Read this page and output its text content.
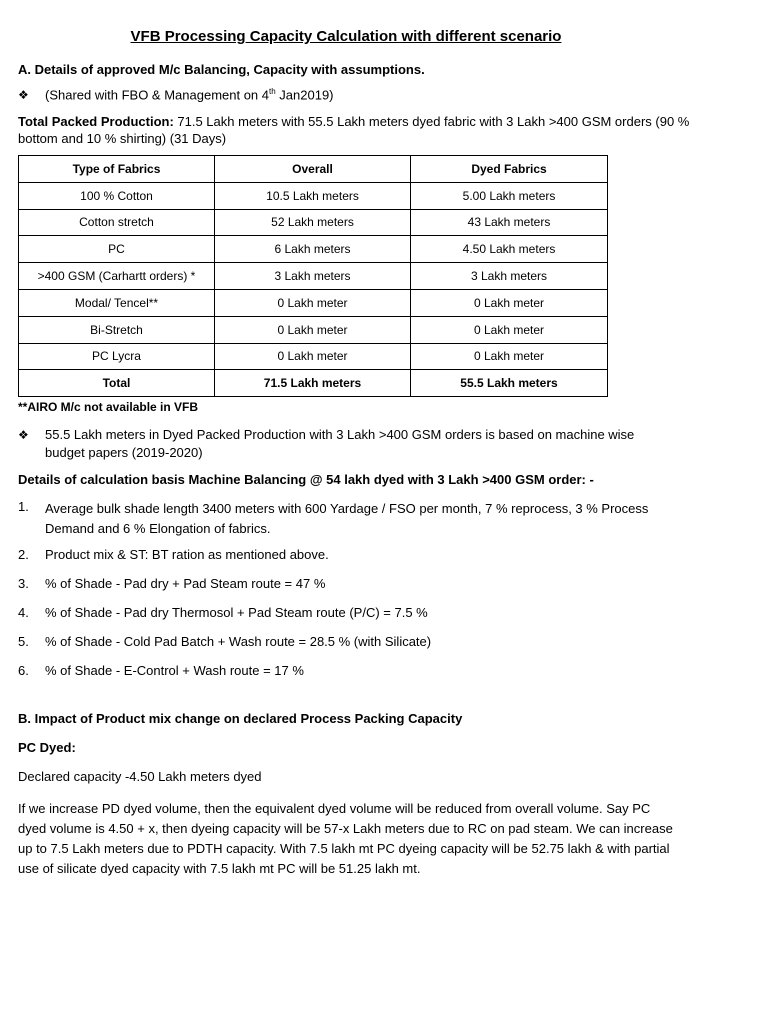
VFB Processing Capacity Calculation with different scenario
A. Details of approved M/c Balancing, Capacity with assumptions.
❖ (Shared with FBO & Management on 4th Jan2019)
Total Packed Production: 71.5 Lakh meters with 55.5 Lakh meters dyed fabric with 3 Lakh >400 GSM orders (90 % bottom and 10 % shirting) (31 Days)
Type of Fabrics	Overall	Dyed Fabrics
100 % Cotton	10.5 Lakh meters	5.00 Lakh meters
Cotton stretch	52 Lakh meters	43 Lakh meters
PC	6 Lakh meters	4.50 Lakh meters
>400 GSM (Carhartt orders) *	3 Lakh meters	3 Lakh meters
Modal/ Tencel**	0 Lakh meter	0 Lakh meter
Bi-Stretch	0 Lakh meter	0 Lakh meter
PC Lycra	0 Lakh meter	0 Lakh meter
Total	71.5 Lakh meters	55.5 Lakh meters
**AIRO M/c not available in VFB
❖ 55.5 Lakh meters in Dyed Packed Production with 3 Lakh >400 GSM orders is based on machine wise budget papers (2019-2020)
Details of calculation basis Machine Balancing @ 54 lakh dyed with 3 Lakh >400 GSM order: -
1. Average bulk shade length 3400 meters with 600 Yardage / FSO per month, 7 % reprocess, 3 % Process Demand and 6 % Elongation of fabrics.
2. Product mix & ST: BT ration as mentioned above.
3. % of Shade - Pad dry + Pad Steam route = 47 %
4. % of Shade - Pad dry Thermosol + Pad Steam route (P/C) = 7.5 %
5. % of Shade - Cold Pad Batch + Wash route = 28.5 % (with Silicate)
6. % of Shade - E-Control + Wash route = 17 %
B. Impact of Product mix change on declared Process Packing Capacity
PC Dyed:
Declared capacity -4.50 Lakh meters dyed
If we increase PD dyed volume, then the equivalent dyed volume will be reduced from overall volume. Say PC dyed volume is 4.50 + x, then dyeing capacity will be 57-x Lakh meters due to RC on pad steam. We can increase up to 7.5 Lakh meters due to PDTH capacity. With 7.5 lakh mt PC dyeing capacity will be 52.75 lakh & with partial use of silicate dyed capacity with 7.5 lakh mt PC will be 51.25 lakh mt.
